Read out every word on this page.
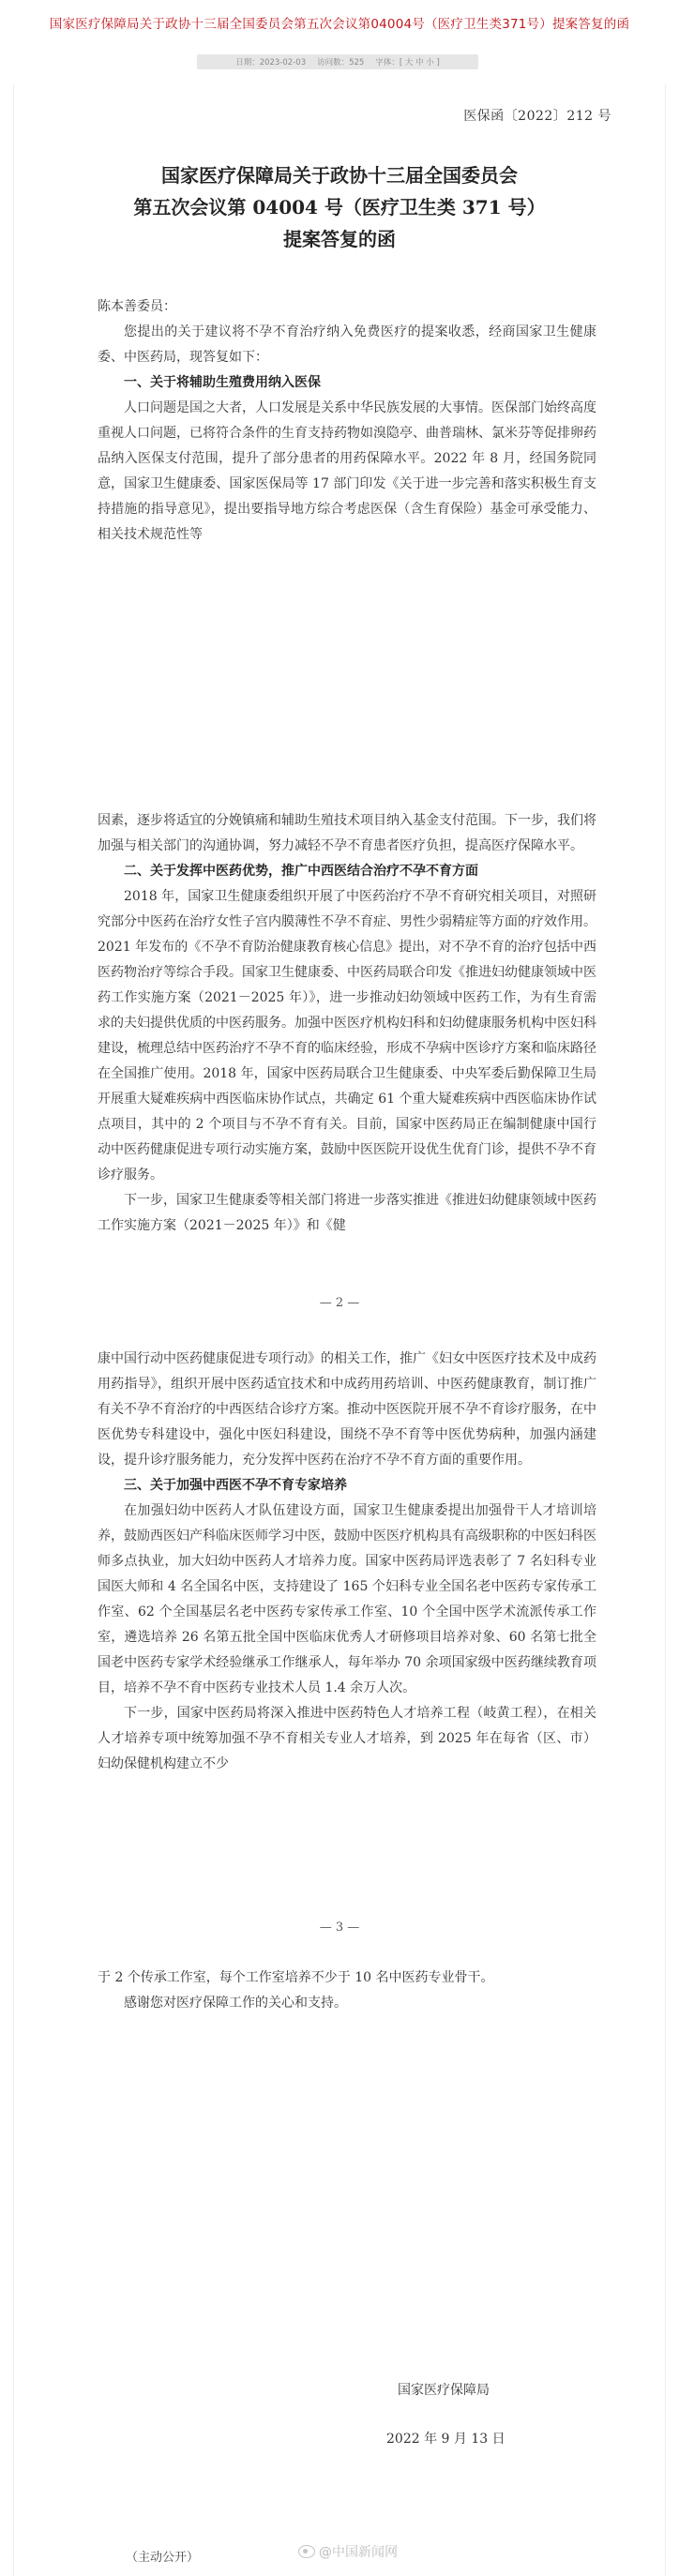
国家医疗保障局关于政协十三届全国委员会第五次会议第04004号（医疗卫生类371号）提案答复的函
日期：2023-02-03 访问数：525 字体：[ 大 中 小 ]
医保函〔2022〕212 号
国家医疗保障局关于政协十三届全国委员会
第五次会议第 04004 号（医疗卫生类 371 号）
提案答复的函
陈本善委员：
您提出的关于建议将不孕不育治疗纳入免费医疗的提案收悉，经商国家卫生健康委、中医药局，现答复如下：
一、关于将辅助生殖费用纳入医保
人口问题是国之大者，人口发展是关系中华民族发展的大事情。医保部门始终高度重视人口问题，已将符合条件的生育支持药物如溴隐亭、曲普瑞林、氯米芬等促排卵药品纳入医保支付范围，提升了部分患者的用药保障水平。2022 年 8 月，经国务院同意，国家卫生健康委、国家医保局等 17 部门印发《关于进一步完善和落实积极生育支持措施的指导意见》，提出要指导地方综合考虑医保（含生育保险）基金可承受能力、相关技术规范性等
因素，逐步将适宜的分娩镇痛和辅助生殖技术项目纳入基金支付范围。下一步，我们将加强与相关部门的沟通协调，努力减轻不孕不育患者医疗负担，提高医疗保障水平。
二、关于发挥中医药优势，推广中西医结合治疗不孕不育方面
2018 年，国家卫生健康委组织开展了中医药治疗不孕不育研究相关项目，对照研究部分中医药在治疗女性子宫内膜薄性不孕不育症、男性少弱精症等方面的疗效作用。2021 年发布的《不孕不育防治健康教育核心信息》提出，对不孕不育的治疗包括中西医药物治疗等综合手段。国家卫生健康委、中医药局联合印发《推进妇幼健康领域中医药工作实施方案（2021－2025 年）》，进一步推动妇幼领域中医药工作，为有生育需求的夫妇提供优质的中医药服务。加强中医医疗机构妇科和妇幼健康服务机构中医妇科建设，梳理总结中医药治疗不孕不育的临床经验，形成不孕病中医诊疗方案和临床路径在全国推广使用。2018 年，国家中医药局联合卫生健康委、中央军委后勤保障卫生局开展重大疑难疾病中西医临床协作试点，共确定 61 个重大疑难疾病中西医临床协作试点项目，其中的 2 个项目与不孕不育有关。目前，国家中医药局正在编制健康中国行动中医药健康促进专项行动实施方案，鼓励中医医院开设优生优育门诊，提供不孕不育诊疗服务。
下一步，国家卫生健康委等相关部门将进一步落实推进《推进妇幼健康领域中医药工作实施方案（2021－2025 年）》和《健
— 2 —
康中国行动中医药健康促进专项行动》的相关工作，推广《妇女中医医疗技术及中成药用药指导》，组织开展中医药适宜技术和中成药用药培训、中医药健康教育，制订推广有关不孕不育治疗的中西医结合诊疗方案。推动中医医院开展不孕不育诊疗服务，在中医优势专科建设中，强化中医妇科建设，围绕不孕不育等中医优势病种，加强内涵建设，提升诊疗服务能力，充分发挥中医药在治疗不孕不育方面的重要作用。
三、关于加强中西医不孕不育专家培养
在加强妇幼中医药人才队伍建设方面，国家卫生健康委提出加强骨干人才培训培养，鼓励西医妇产科临床医师学习中医，鼓励中医医疗机构具有高级职称的中医妇科医师多点执业，加大妇幼中医药人才培养力度。国家中医药局评选表彰了 7 名妇科专业国医大师和 4 名全国名中医，支持建设了 165 个妇科专业全国名老中医药专家传承工作室、62 个全国基层名老中医药专家传承工作室、10 个全国中医学术流派传承工作室，遴选培养 26 名第五批全国中医临床优秀人才研修项目培养对象、60 名第七批全国老中医药专家学术经验继承工作继承人，每年举办 70 余项国家级中医药继续教育项目，培养不孕不育中医药专业技术人员 1.4 余万人次。
下一步，国家中医药局将深入推进中医药特色人才培养工程（岐黄工程），在相关人才培养专项中统筹加强不孕不育相关专业人才培养，到 2025 年在每省（区、市）妇幼保健机构建立不少
— 3 —
于 2 个传承工作室，每个工作室培养不少于 10 名中医药专业骨干。
感谢您对医疗保障工作的关心和支持。
国家医疗保障局
2022 年 9 月 13 日
（主动公开）	@中国新闻网
